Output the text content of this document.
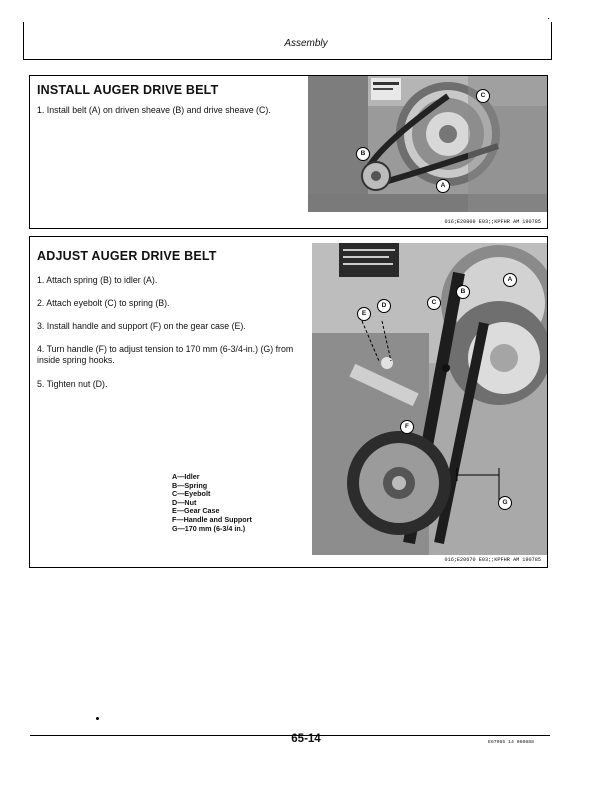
Assembly
INSTALL AUGER DRIVE BELT
1. Install belt (A) on driven sheave (B) and drive sheave (C).
C
B
A
016;E20809 E03;;KPFHR AM 190785
ADJUST AUGER DRIVE BELT
1. Attach spring (B) to idler (A).
2. Attach eyebolt (C) to spring (B).
3. Install handle and support (F) on the gear case (E).
4. Turn handle (F) to adjust tension to 170 mm (6-3/4-in.) (G) from inside spring hooks.
5. Tighten nut (D).
A—Idler
B—Spring
C—Eyebolt
D—Nut
E—Gear Case
F—Handle and Support
G—170 mm (6-3/4 in.)
A
B
C
D
E
F
G
016;E20670 E03;;KPFHR AM 190785
65-14	E67065 14 060888
